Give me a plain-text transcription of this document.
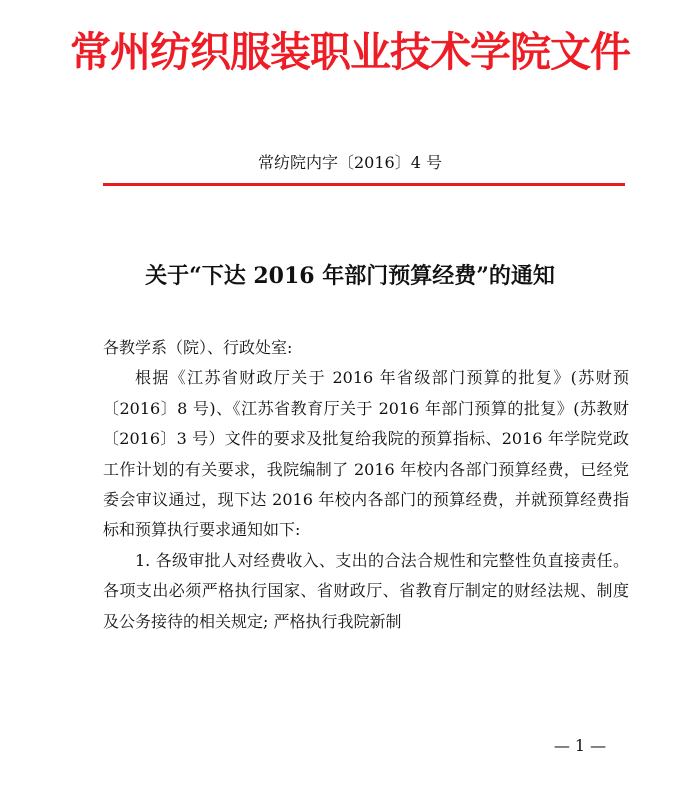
常州纺织服装职业技术学院文件
常纺院内字〔2016〕4 号
关于“下达 2016 年部门预算经费”的通知

各教学系（院）、行政处室:

根据《江苏省财政厅关于 2016 年省级部门预算的批复》(苏财预〔2016〕8 号)、《江苏省教育厅关于 2016 年部门预算的批复》(苏教财〔2016〕3 号）文件的要求及批复给我院的预算指标、2016 年学院党政工作计划的有关要求，我院编制了 2016 年校内各部门预算经费，已经党委会审议通过，现下达 2016 年校内各部门的预算经费，并就预算经费指标和预算执行要求通知如下:

1. 各级审批人对经费收入、支出的合法合规性和完整性负直接责任。各项支出必须严格执行国家、省财政厅、省教育厅制定的财经法规、制度及公务接待的相关规定; 严格执行我院新制

— 1 —
